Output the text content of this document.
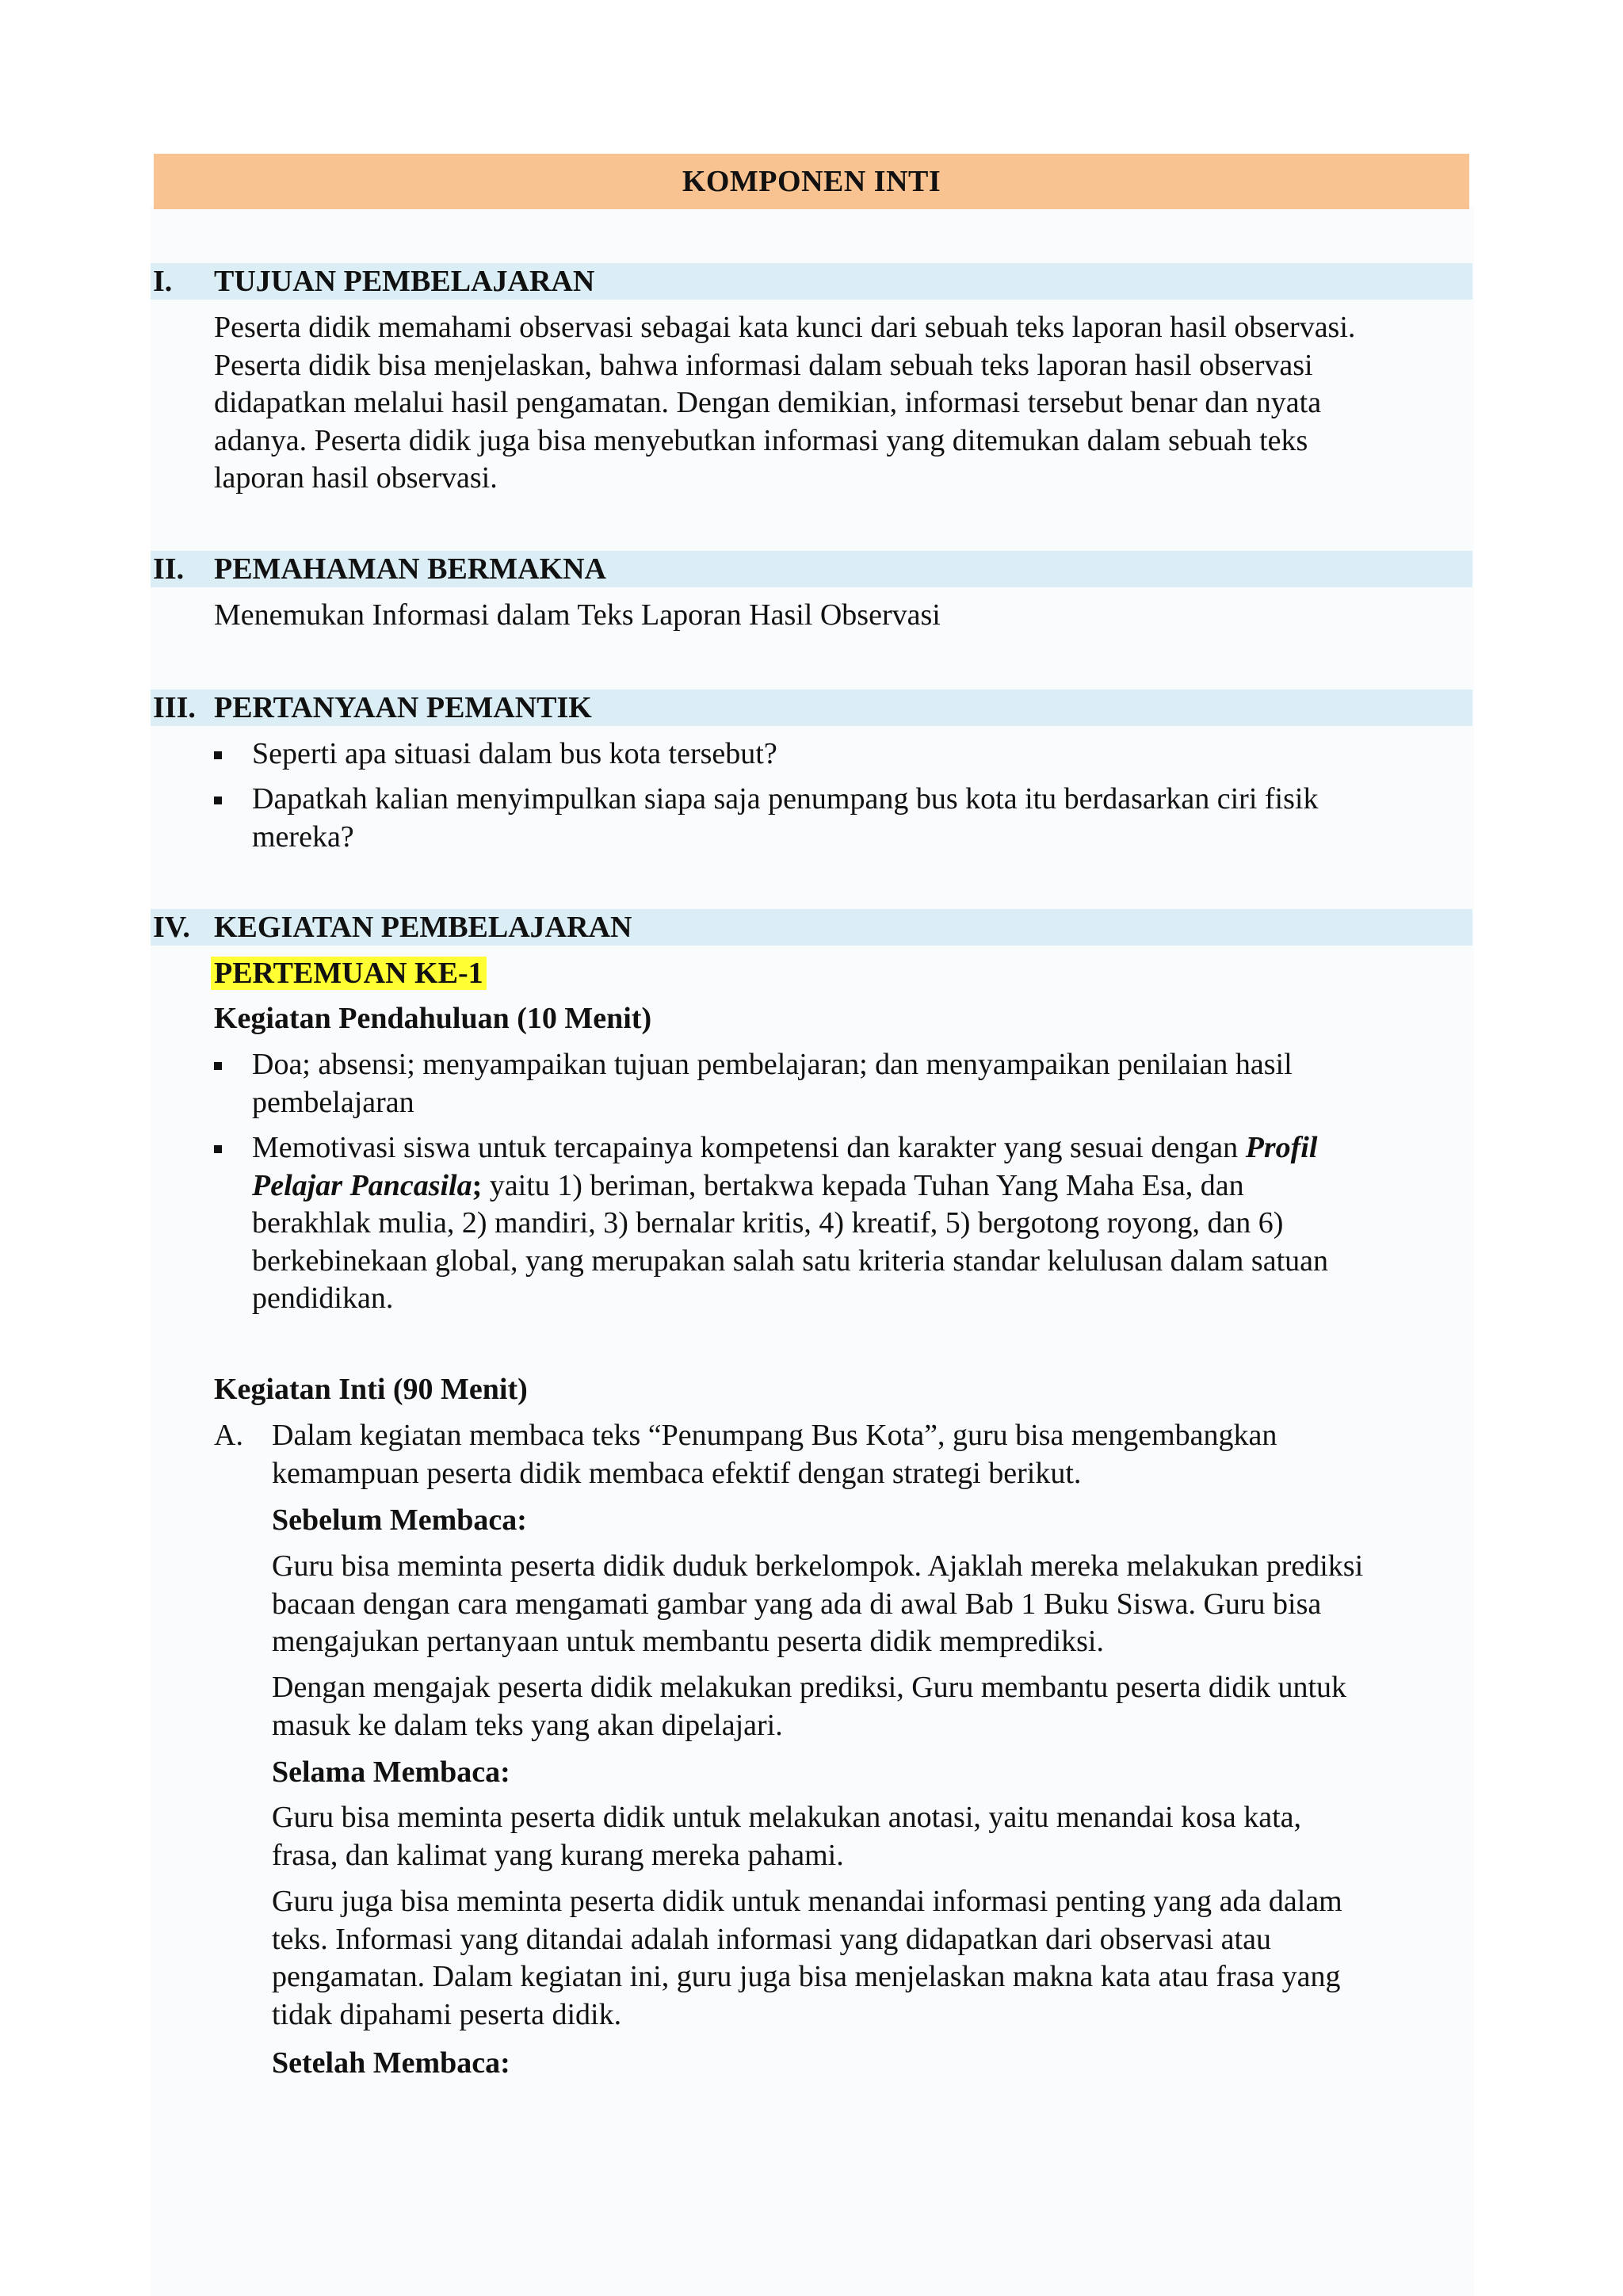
KOMPONEN INTI
I. TUJUAN PEMBELAJARAN
Peserta didik memahami observasi sebagai kata kunci dari sebuah teks laporan hasil observasi.
Peserta didik bisa menjelaskan, bahwa informasi dalam sebuah teks laporan hasil observasi
didapatkan melalui hasil pengamatan. Dengan demikian, informasi tersebut benar dan nyata
adanya. Peserta didik juga bisa menyebutkan informasi yang ditemukan dalam sebuah teks
laporan hasil observasi.
II. PEMAHAMAN BERMAKNA
Menemukan Informasi dalam Teks Laporan Hasil Observasi
III. PERTANYAAN PEMANTIK
Seperti apa situasi dalam bus kota tersebut?
Dapatkah kalian menyimpulkan siapa saja penumpang bus kota itu berdasarkan ciri fisik
mereka?
IV. KEGIATAN PEMBELAJARAN
PERTEMUAN KE-1
Kegiatan Pendahuluan (10 Menit)
Doa; absensi; menyampaikan tujuan pembelajaran; dan menyampaikan penilaian hasil
pembelajaran
Memotivasi siswa untuk tercapainya kompetensi dan karakter yang sesuai dengan Profil
Pelajar Pancasila; yaitu 1) beriman, bertakwa kepada Tuhan Yang Maha Esa, dan
berakhlak mulia, 2) mandiri, 3) bernalar kritis, 4) kreatif, 5) bergotong royong, dan 6)
berkebinekaan global, yang merupakan salah satu kriteria standar kelulusan dalam satuan
pendidikan.
Kegiatan Inti (90 Menit)
A. Dalam kegiatan membaca teks “Penumpang Bus Kota”, guru bisa mengembangkan
kemampuan peserta didik membaca efektif dengan strategi berikut.
Sebelum Membaca:
Guru bisa meminta peserta didik duduk berkelompok. Ajaklah mereka melakukan prediksi
bacaan dengan cara mengamati gambar yang ada di awal Bab 1 Buku Siswa. Guru bisa
mengajukan pertanyaan untuk membantu peserta didik memprediksi.
Dengan mengajak peserta didik melakukan prediksi, Guru membantu peserta didik untuk
masuk ke dalam teks yang akan dipelajari.
Selama Membaca:
Guru bisa meminta peserta didik untuk melakukan anotasi, yaitu menandai kosa kata,
frasa, dan kalimat yang kurang mereka pahami.
Guru juga bisa meminta peserta didik untuk menandai informasi penting yang ada dalam
teks. Informasi yang ditandai adalah informasi yang didapatkan dari observasi atau
pengamatan. Dalam kegiatan ini, guru juga bisa menjelaskan makna kata atau frasa yang
tidak dipahami peserta didik.
Setelah Membaca:
